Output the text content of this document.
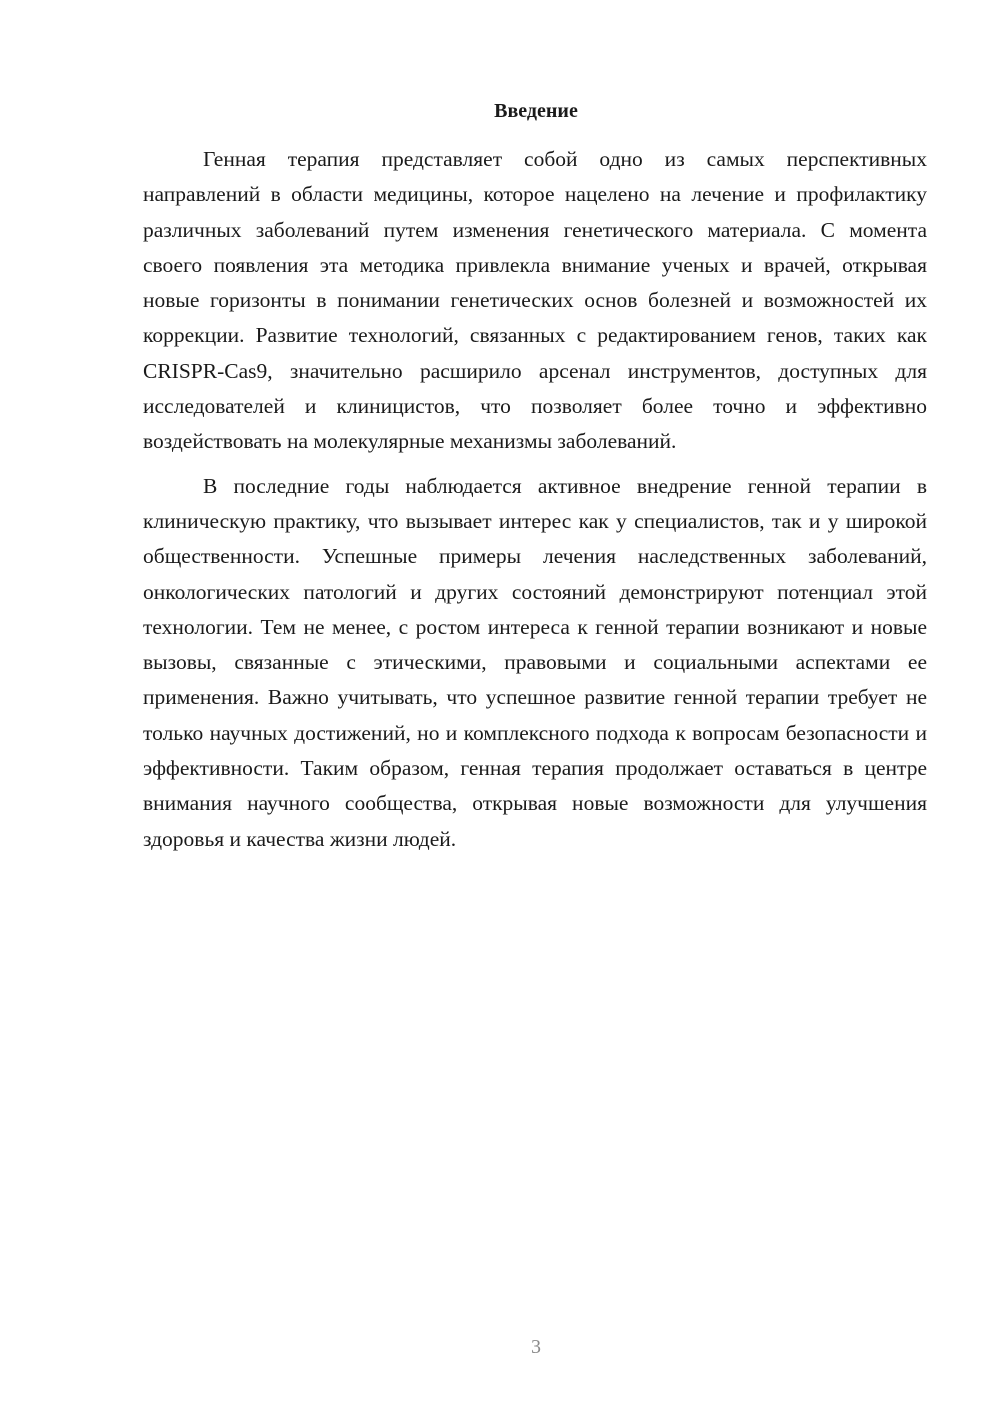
Введение

Генная терапия представляет собой одно из самых перспективных направлений в области медицины, которое нацелено на лечение и профилактику различных заболеваний путем изменения генетического материала. С момента своего появления эта методика привлекла внимание ученых и врачей, открывая новые горизонты в понимании генетических основ болезней и возможностей их коррекции. Развитие технологий, связанных с редактированием генов, таких как CRISPR-Cas9, значительно расширило арсенал инструментов, доступных для исследователей и клиницистов, что позволяет более точно и эффективно воздействовать на молекулярные механизмы заболеваний.

В последние годы наблюдается активное внедрение генной терапии в клиническую практику, что вызывает интерес как у специалистов, так и у широкой общественности. Успешные примеры лечения наследственных заболеваний, онкологических патологий и других состояний демонстрируют потенциал этой технологии. Тем не менее, с ростом интереса к генной терапии возникают и новые вызовы, связанные с этическими, правовыми и социальными аспектами ее применения. Важно учитывать, что успешное развитие генной терапии требует не только научных достижений, но и комплексного подхода к вопросам безопасности и эффективности. Таким образом, генная терапия продолжает оставаться в центре внимания научного сообщества, открывая новые возможности для улучшения здоровья и качества жизни людей.

3
